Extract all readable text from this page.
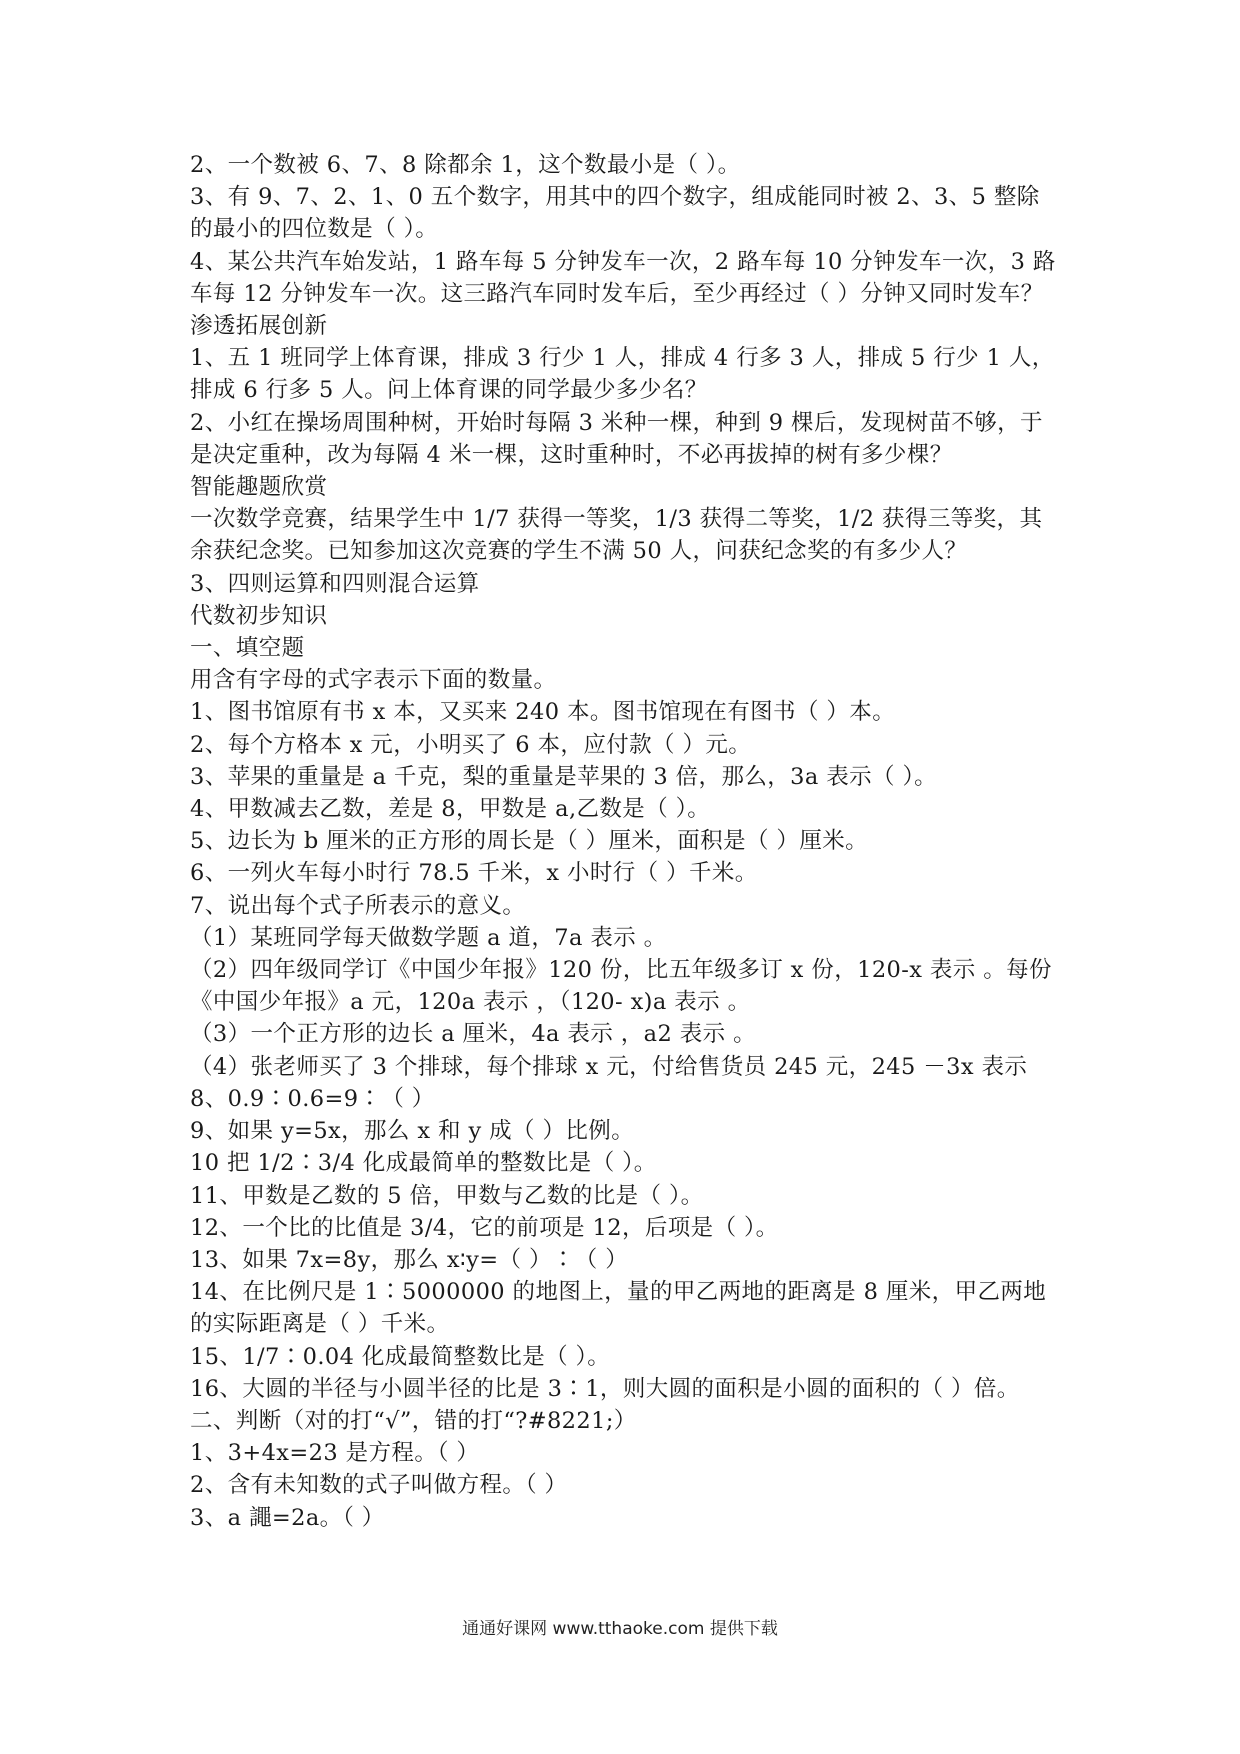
2、一个数被 6、7、8 除都余 1，这个数最小是（ ）。

3、有 9、7、2、1、0 五个数字，用其中的四个数字，组成能同时被 2、3、5 整除的最小的四位数是（ ）。

4、某公共汽车始发站，1 路车每 5 分钟发车一次，2 路车每 10 分钟发车一次，3 路车每 12 分钟发车一次。这三路汽车同时发车后，至少再经过（ ）分钟又同时发车？

渗透拓展创新

1、五 1 班同学上体育课，排成 3 行少 1 人，排成 4 行多 3 人，排成 5 行少 1 人，排成 6 行多 5 人。问上体育课的同学最少多少名？

2、小红在操场周围种树，开始时每隔 3 米种一棵，种到 9 棵后，发现树苗不够，于是决定重种，改为每隔 4 米一棵，这时重种时，不必再拔掉的树有多少棵？

智能趣题欣赏

一次数学竞赛，结果学生中 1/7 获得一等奖，1/3 获得二等奖，1/2 获得三等奖，其余获纪念奖。已知参加这次竞赛的学生不满 50 人，问获纪念奖的有多少人？

3、四则运算和四则混合运算

代数初步知识

一、填空题

用含有字母的式字表示下面的数量。

1、图书馆原有书 x 本，又买来 240 本。图书馆现在有图书（ ）本。

2、每个方格本 x 元，小明买了 6 本，应付款（ ）元。

3、苹果的重量是 a 千克，梨的重量是苹果的 3 倍，那么，3a 表示（ ）。

4、甲数减去乙数，差是 8，甲数是 a,乙数是（ ）。

5、边长为 b 厘米的正方形的周长是（ ）厘米，面积是（ ）厘米。

6、一列火车每小时行 78.5 千米，x 小时行（ ）千米。

7、说出每个式子所表示的意义。

（1）某班同学每天做数学题 a 道，7a 表示 。

（2）四年级同学订《中国少年报》120 份，比五年级多订 x 份，120-x 表示 。每份《中国少年报》a 元，120a 表示 ，（120- x)a 表示 。

（3）一个正方形的边长 a 厘米，4a 表示 ，a2 表示 。

（4）张老师买了 3 个排球，每个排球 x 元，付给售货员 245 元，245 －3x 表示

8、0.9∶0.6=9∶（ ）

9、如果 y=5x，那么 x 和 y 成（ ）比例。

10 把 1/2∶3/4 化成最简单的整数比是（ ）。

11、甲数是乙数的 5 倍，甲数与乙数的比是（ ）。

12、一个比的比值是 3/4，它的前项是 12，后项是（ ）。

13、如果 7x=8y，那么 x∶y=（ ）∶（ ）

14、在比例尺是 1∶5000000 的地图上，量的甲乙两地的距离是 8 厘米，甲乙两地的实际距离是（ ）千米。

15、1/7∶0.04 化成最简整数比是（ ）。

16、大圆的半径与小圆半径的比是 3∶1，则大圆的面积是小圆的面积的（ ）倍。

二、判断（对的打“√”，错的打“?#8221;）

1、3+4x=23 是方程。（ ）

2、含有未知数的式子叫做方程。（ ）

3、a 譝=2a。（ ）

通通好课网 www.tthaoke.com 提供下载
